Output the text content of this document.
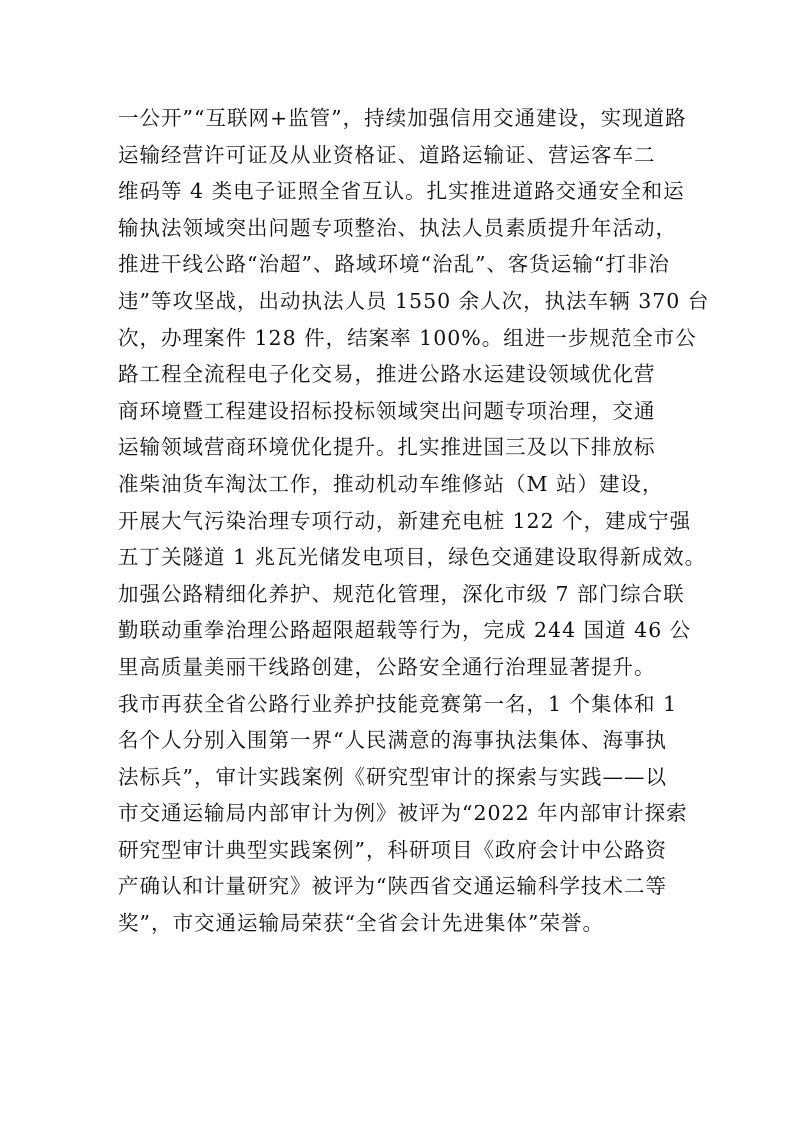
一公开”“互联网+监管”，持续加强信用交通建设，实现道路
运输经营许可证及从业资格证、道路运输证、营运客车二
维码等 4 类电子证照全省互认。扎实推进道路交通安全和运
输执法领域突出问题专项整治、执法人员素质提升年活动，
推进干线公路“治超”、路域环境“治乱”、客货运输“打非治
违”等攻坚战，出动执法人员 1550 余人次，执法车辆 370 台
次，办理案件 128 件，结案率 100%。组进一步规范全市公
路工程全流程电子化交易，推进公路水运建设领域优化营
商环境暨工程建设招标投标领域突出问题专项治理，交通
运输领域营商环境优化提升。扎实推进国三及以下排放标
准柴油货车淘汰工作，推动机动车维修站（M 站）建设，
开展大气污染治理专项行动，新建充电桩 122 个，建成宁强
五丁关隧道 1 兆瓦光储发电项目，绿色交通建设取得新成效。
加强公路精细化养护、规范化管理，深化市级 7 部门综合联
勤联动重拳治理公路超限超载等行为，完成 244 国道 46 公
里高质量美丽干线路创建，公路安全通行治理显著提升。
我市再获全省公路行业养护技能竞赛第一名，1 个集体和 1
名个人分别入围第一界“人民满意的海事执法集体、海事执
法标兵”，审计实践案例《研究型审计的探索与实践——以
市交通运输局内部审计为例》被评为“2022 年内部审计探索
研究型审计典型实践案例”，科研项目《政府会计中公路资
产确认和计量研究》被评为“陕西省交通运输科学技术二等
奖”，市交通运输局荣获“全省会计先进集体”荣誉。
